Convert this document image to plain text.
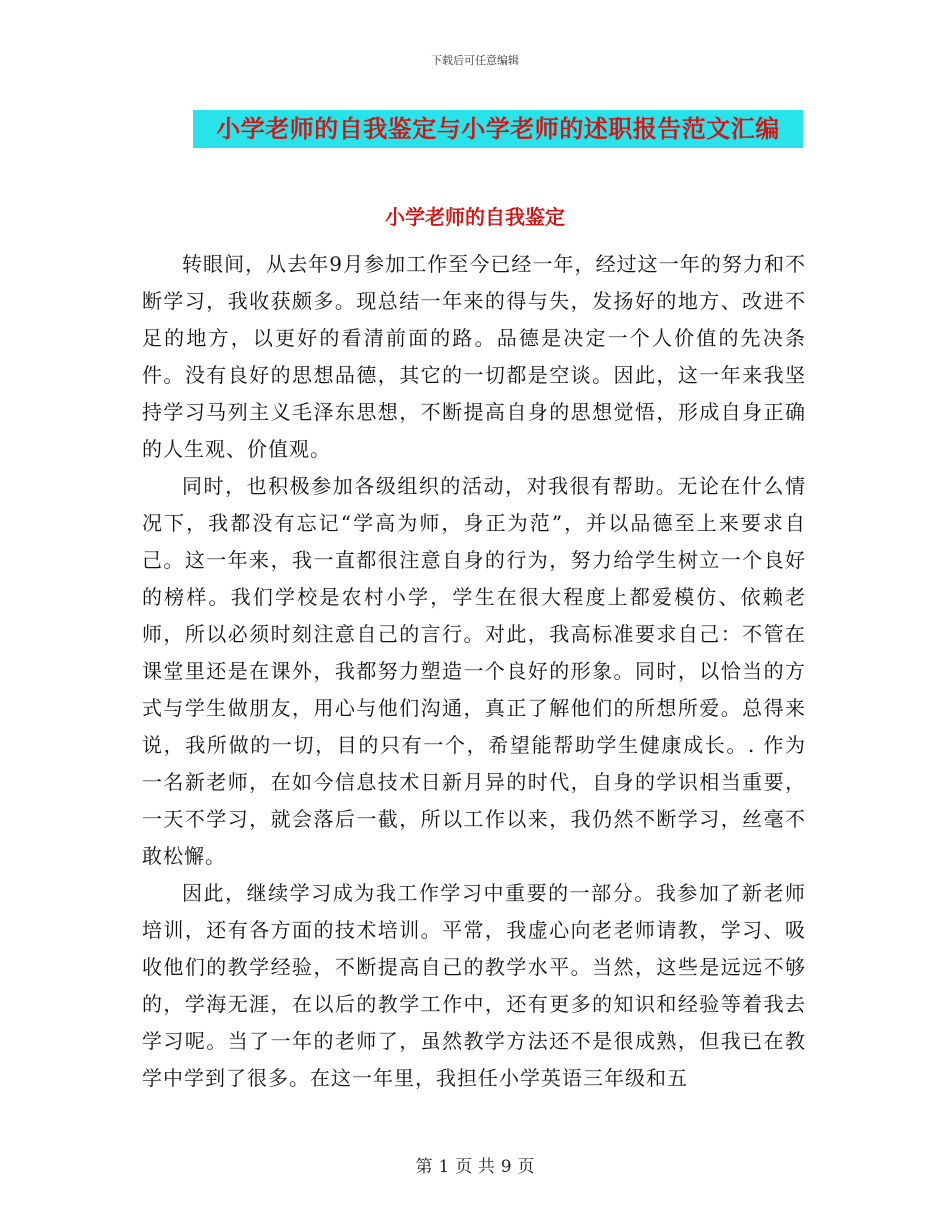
下载后可任意编辑
小学老师的自我鉴定与小学老师的述职报告范文汇编
小学老师的自我鉴定

转眼间，从去年9月参加工作至今已经一年，经过这一年的努力和不断学习，我收获颇多。现总结一年来的得与失，发扬好的地方、改进不足的地方，以更好的看清前面的路。品德是决定一个人价值的先决条件。没有良好的思想品德，其它的一切都是空谈。因此，这一年来我坚持学习马列主义毛泽东思想，不断提高自身的思想觉悟，形成自身正确的人生观、价值观。

同时，也积极参加各级组织的活动，对我很有帮助。无论在什么情况下，我都没有忘记“学高为师，身正为范”，并以品德至上来要求自己。这一年来，我一直都很注意自身的行为，努力给学生树立一个良好的榜样。我们学校是农村小学，学生在很大程度上都爱模仿、依赖老师，所以必须时刻注意自己的言行。对此，我高标准要求自己：不管在课堂里还是在课外，我都努力塑造一个良好的形象。同时，以恰当的方式与学生做朋友，用心与他们沟通，真正了解他们的所想所爱。总得来说，我所做的一切，目的只有一个，希望能帮助学生健康成长。. 作为一名新老师，在如今信息技术日新月异的时代，自身的学识相当重要，一天不学习，就会落后一截，所以工作以来，我仍然不断学习，丝毫不敢松懈。

因此，继续学习成为我工作学习中重要的一部分。我参加了新老师培训，还有各方面的技术培训。平常，我虚心向老老师请教，学习、吸收他们的教学经验，不断提高自己的教学水平。当然，这些是远远不够的，学海无涯，在以后的教学工作中，还有更多的知识和经验等着我去学习呢。当了一年的老师了，虽然教学方法还不是很成熟，但我已在教学中学到了很多。在这一年里，我担任小学英语三年级和五

第 1 页 共 9 页
